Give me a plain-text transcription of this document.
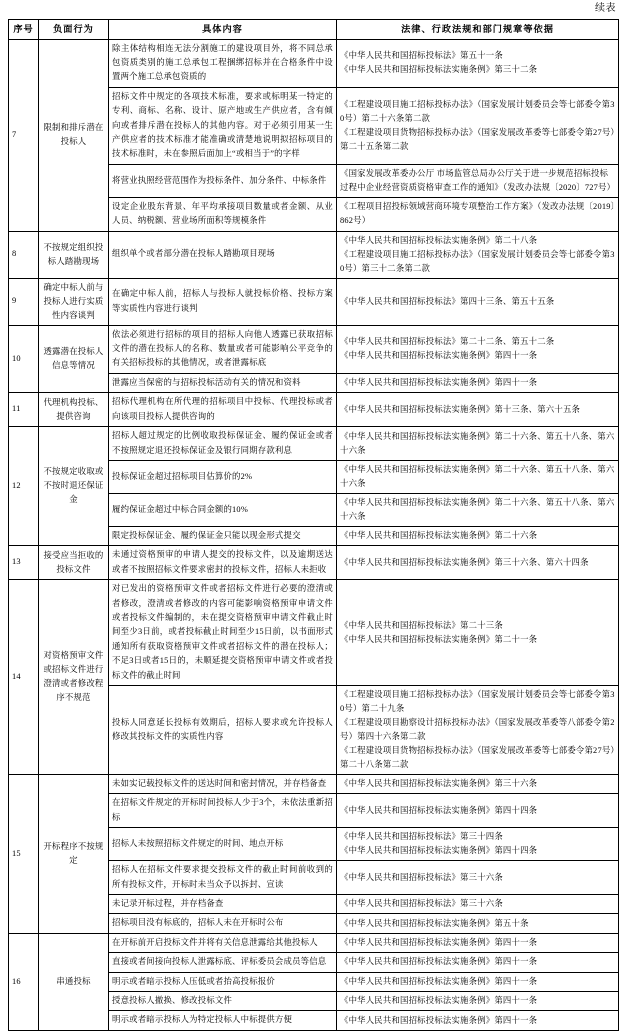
续表
序号	负面行为	具体内容	法律、行政法规和部门规章等依据
7	限制和排斥潜在投标人	除主体结构相连无法分割施工的建设项目外，将不同总承包资质类别的施工总承包工程捆绑招标并在合格条件中设置两个施工总承包资质的	《中华人民共和国招标投标法》第五十一条
《中华人民共和国招标投标法实施条例》第三十二条

		招标文件中规定的各项技术标准，要求或标明某一特定的专利、商标、名称、设计、原产地或生产供应者，含有倾向或者排斥潜在投标人的其他内容。对于必须引用某一生产供应者的技术标准才能准确或清楚地说明拟招标项目的技术标准时，未在参照后面加上“或相当于”的字样	《工程建设项目施工招标投标办法》（国家发展计划委员会等七部委令第30号）第二十六条第二款
《工程建设项目货物招标投标办法》（国家发展改革委等七部委令第27号）第二十五条第二款

		将营业执照经营范围作为投标条件、加分条件、中标条件	《国家发展改革委办公厅 市场监管总局办公厅关于进一步规范招标投标过程中企业经营资质资格审查工作的通知》（发改办法规〔2020〕727号）

		设定企业股东背景、年平均承接项目数量或者金额、从业人员、纳税额、营业场所面积等规模条件	《工程项目招投标领域营商环境专项整治工作方案》（发改办法规〔2019〕862号）

8	不按规定组织投标人踏勘现场	组织单个或者部分潜在投标人踏勘项目现场	《中华人民共和国招标投标法实施条例》第二十八条
《工程建设项目施工招标投标办法》（国家发展计划委员会等七部委令第30号）第三十二条第二款

9	确定中标人前与投标人进行实质性内容谈判	在确定中标人前，招标人与投标人就投标价格、投标方案等实质性内容进行谈判	《中华人民共和国招标投标法》第四十三条、第五十五条

10	透露潜在投标人信息等情况	依法必须进行招标的项目的招标人向他人透露已获取招标文件的潜在投标人的名称、数量或者可能影响公平竞争的有关招标投标的其他情况，或者泄露标底	《中华人民共和国招标投标法》第二十二条、第五十二条
《中华人民共和国招标投标法实施条例》第四十一条

		泄露应当保密的与招标投标活动有关的情况和资料	《中华人民共和国招标投标法实施条例》第四十一条

11	代理机构投标、提供咨询	招标代理机构在所代理的招标项目中投标、代理投标或者向该项目投标人提供咨询的	《中华人民共和国招标投标法实施条例》第十三条、第六十五条

12	不按规定收取或不按时退还保证金	招标人超过规定的比例收取投标保证金、履约保证金或者不按照规定退还投标保证金及银行同期存款利息	《中华人民共和国招标投标法实施条例》第二十六条、第五十八条、第六十六条

		投标保证金超过招标项目估算价的2%	《中华人民共和国招标投标法实施条例》第二十六条、第五十八条、第六十六条

		履约保证金超过中标合同金额的10%	《中华人民共和国招标投标法实施条例》第二十六条、第五十八条、第六十六条

		限定投标保证金、履约保证金只能以现金形式提交	《中华人民共和国招标投标法实施条例》第二十六条

13	接受应当拒收的投标文件	未通过资格预审的申请人提交的投标文件，以及逾期送达或者不按照招标文件要求密封的投标文件，招标人未拒收	《中华人民共和国招标投标法实施条例》第三十六条、第六十四条

14	对资格预审文件或招标文件进行澄清或者修改程序不规范	对已发出的资格预审文件或者招标文件进行必要的澄清或者修改，澄清或者修改的内容可能影响资格预审申请文件或者投标文件编制的，未在提交资格预审申请文件截止时间至少3日前，或者投标截止时间至少15日前，以书面形式通知所有获取资格预审文件或者招标文件的潜在投标人；不足3日或者15日的，未顺延提交资格预审申请文件或者投标文件的截止时间	《中华人民共和国招标投标法》第二十三条
《中华人民共和国招标投标法实施条例》第二十一条

		投标人同意延长投标有效期后，招标人要求或允许投标人修改其投标文件的实质性内容	《工程建设项目施工招标投标办法》（国家发展计划委员会等七部委令第30号）第二十九条
《工程建设项目勘察设计招标投标办法》（国家发展改革委等八部委令第2号）第四十六条第二款
《工程建设项目货物招标投标办法》（国家发展改革委等七部委令第27号）第二十八条第二款

15	开标程序不按规定	未如实记载投标文件的送达时间和密封情况，并存档备查	《中华人民共和国招标投标法实施条例》第三十六条

		在招标文件规定的开标时间投标人少于3个，未依法重新招标	《中华人民共和国招标投标法实施条例》第四十四条

		招标人未按照招标文件规定的时间、地点开标	《中华人民共和国招标投标法》第三十四条
《中华人民共和国招标投标法实施条例》第四十四条

		招标人在招标文件要求提交投标文件的截止时间前收到的所有投标文件，开标时未当众予以拆封、宣读	《中华人民共和国招标投标法》第三十六条

		未记录开标过程，并存档备查	《中华人民共和国招标投标法》第三十六条

		招标项目没有标底的，招标人未在开标时公布	《中华人民共和国招标投标法实施条例》第五十条

16	串通投标	在开标前开启投标文件并将有关信息泄露给其他投标人	《中华人民共和国招标投标法实施条例》第四十一条

		直接或者间接向投标人泄露标底、评标委员会成员等信息	《中华人民共和国招标投标法实施条例》第四十一条

		明示或者暗示投标人压低或者抬高投标报价	《中华人民共和国招标投标法实施条例》第四十一条

		授意投标人撤换、修改投标文件	《中华人民共和国招标投标法实施条例》第四十一条

		明示或者暗示投标人为特定投标人中标提供方便	《中华人民共和国招标投标法实施条例》第四十一条
